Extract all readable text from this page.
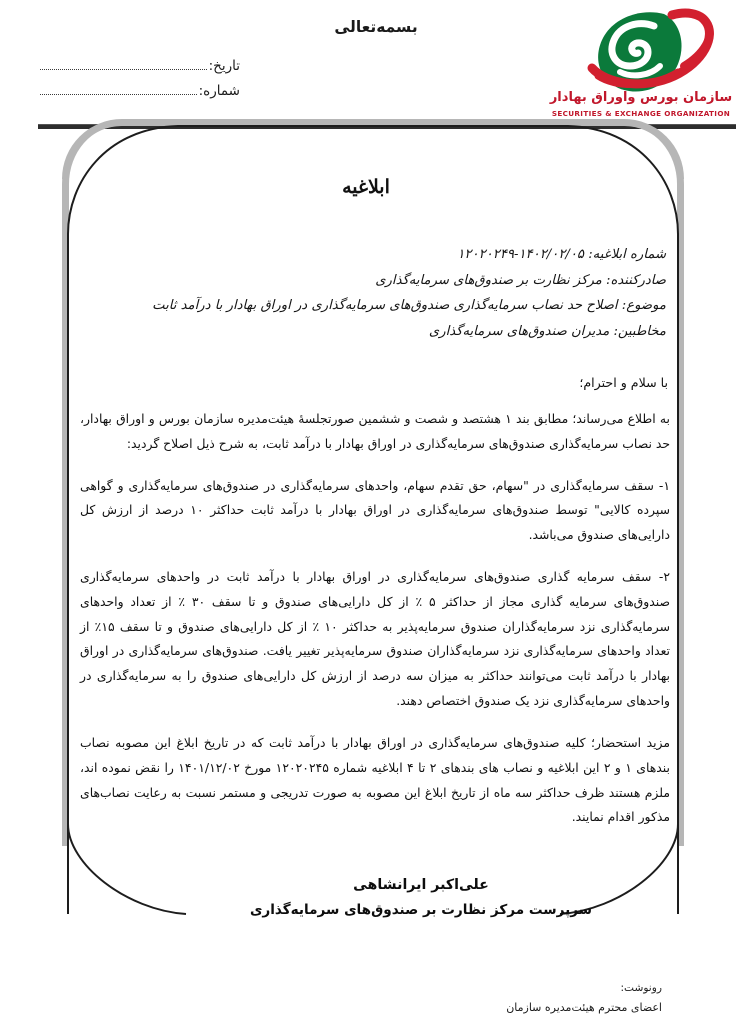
بسمه‌تعالی
تاریخ:
شماره:	سازمان بورس واوراق بهادار
SECURITIES & EXCHANGE ORGANIZATION
ابلاغیه
شماره ابلاغیه: ۱۴۰۲/۰۲/۰۵-۱۲۰۲۰۲۴۹
صادرکننده: مرکز نظارت بر صندوق‌های سرمایه‌گذاری
موضوع: اصلاح حد نصاب سرمایه‌گذاری صندوق‌های سرمایه‌گذاری در اوراق بهادار با درآمد ثابت
مخاطبین: مدیران صندوق‌های سرمایه‌گذاری
با سلام و احترام؛
به اطلاع می‌رساند؛ مطابق بند ۱ هشتصد و شصت و ششمین صورتجلسۀ هیئت‌مدیره سازمان بورس و اوراق بهادار، حد نصاب سرمایه‌گذاری صندوق‌های سرمایه‌گذاری در اوراق بهادار با درآمد ثابت، به شرح ذیل اصلاح گردید:
۱- سقف سرمایه‌گذاری در "سهام، حق تقدم سهام، واحدهای سرمایه‌گذاری در صندوق‌های سرمایه‌گذاری و گواهی سپرده کالایی" توسط صندوق‌های سرمایه‌گذاری در اوراق بهادار با درآمد ثابت حداکثر ۱۰ درصد از ارزش کل دارایی‌های صندوق می‌باشد.
۲- سقف سرمایه گذاری صندوق‌های سرمایه‌گذاری در اوراق بهادار با درآمد ثابت در واحدهای سرمایه‌گذاری صندوق‌های سرمایه گذاری مجاز از حداکثر ۵ ٪ از کل دارایی‌های صندوق و تا سقف ۳۰ ٪ از تعداد واحدهای سرمایه‌گذاری نزد سرمایه‌گذاران صندوق سرمایه‌پذیر به حداکثر ۱۰ ٪ از کل دارایی‌های صندوق و تا سقف ۱۵٪ از تعداد واحدهای سرمایه‌گذاری نزد سرمایه‌گذاران صندوق سرمایه‌پذیر تغییر یافت. صندوق‌های سرمایه‌گذاری در اوراق بهادار با درآمد ثابت می‌توانند حداکثر به میزان سه درصد از ارزش کل دارایی‌های صندوق را به سرمایه‌گذاری در واحدهای سرمایه‌گذاری نزد یک صندوق اختصاص دهند.
مزید استحضار؛ کلیه صندوق‌های سرمایه‌گذاری در اوراق بهادار با درآمد ثابت که در تاریخ ابلاغ این مصوبه نصاب بندهای ۱ و ۲ این ابلاغیه و نصاب های بندهای ۲ تا ۴ ابلاغیه شماره ۱۲۰۲۰۲۴۵ مورخ ۱۴۰۱/۱۲/۰۲ را نقض نموده اند، ملزم هستند ظرف حداکثر سه ماه از تاریخ ابلاغ این مصوبه به صورت تدریجی و مستمر نسبت به رعایت نصاب‌های مذکور اقدام نمایند.
علی‌اکبر ایرانشاهی
سرپرست مرکز نظارت بر صندوق‌های سرمایه‌گذاری
رونوشت:
اعضای محترم هیئت‌مدیره سازمان
